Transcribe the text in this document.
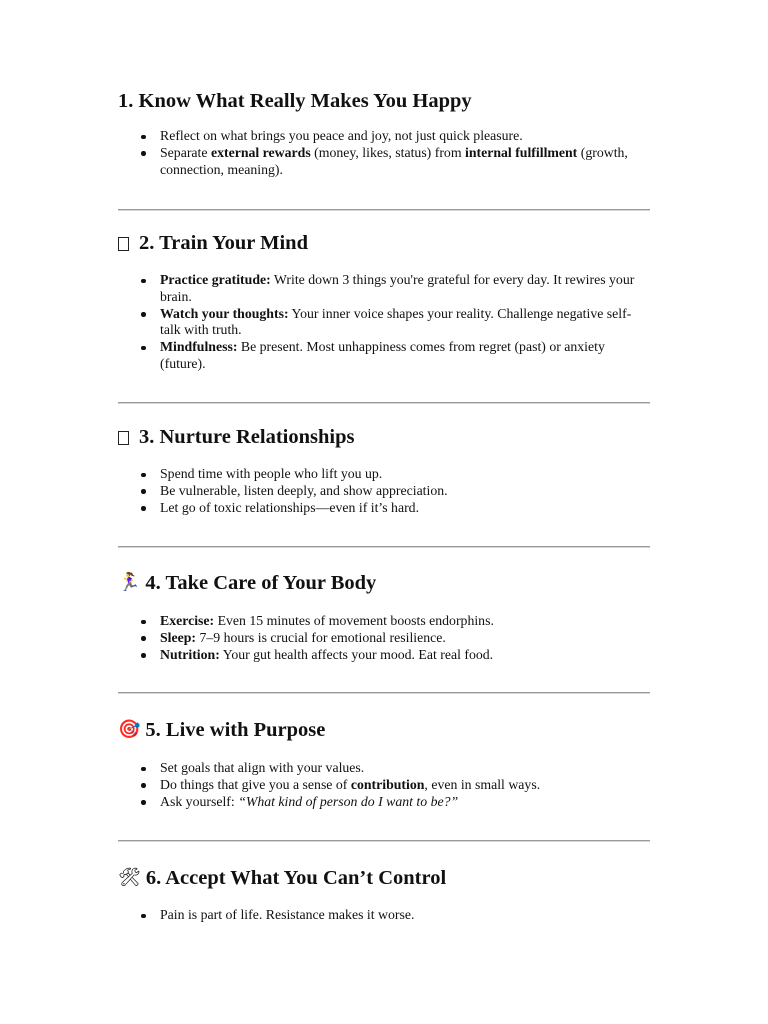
1. Know What Really Makes You Happy
Reflect on what brings you peace and joy, not just quick pleasure.
Separate external rewards (money, likes, status) from internal fulfillment (growth, connection, meaning).
2. Train Your Mind
Practice gratitude: Write down 3 things you're grateful for every day. It rewires your brain.
Watch your thoughts: Your inner voice shapes your reality. Challenge negative self-talk with truth.
Mindfulness: Be present. Most unhappiness comes from regret (past) or anxiety (future).
3. Nurture Relationships
Spend time with people who lift you up.
Be vulnerable, listen deeply, and show appreciation.
Let go of toxic relationships—even if it’s hard.
🏃‍♀ 4. Take Care of Your Body
Exercise: Even 15 minutes of movement boosts endorphins.
Sleep: 7–9 hours is crucial for emotional resilience.
Nutrition: Your gut health affects your mood. Eat real food.
🎯 5. Live with Purpose
Set goals that align with your values.
Do things that give you a sense of contribution, even in small ways.
Ask yourself: “What kind of person do I want to be?”
🛠 6. Accept What You Can’t Control
Pain is part of life. Resistance makes it worse.
